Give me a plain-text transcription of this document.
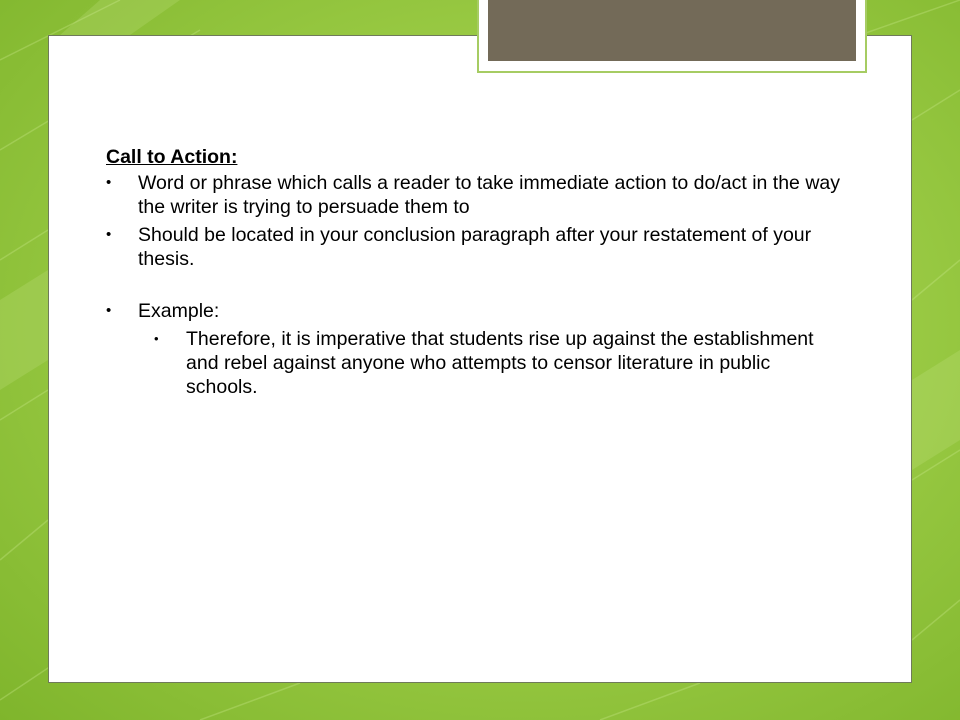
Call to Action:
• Word or phrase which calls a reader to take immediate action to do/act in the way the writer is trying to persuade them to
• Should be located in your conclusion paragraph after your restatement of your thesis.
• Example:
• Therefore, it is imperative that students rise up against the establishment and rebel against anyone who attempts to censor literature in public schools.
